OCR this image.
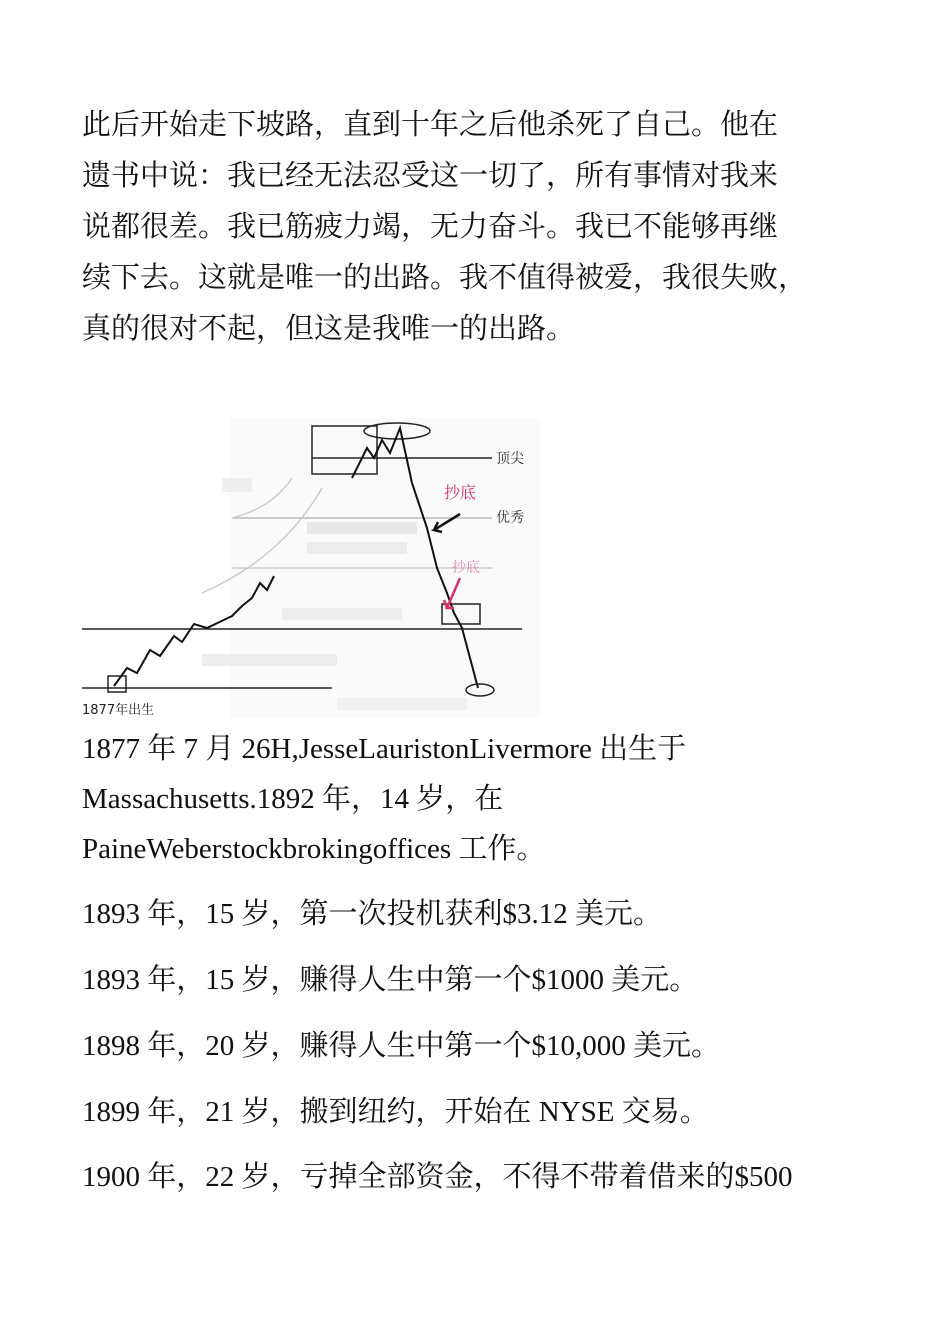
此后开始走下坡路，直到十年之后他杀死了自己。他在
遗书中说：我已经无法忍受这一切了，所有事情对我来
说都很差。我已筋疲力竭，无力奋斗。我已不能够再继
续下去。这就是唯一的出路。我不值得被爱，我很失败，
真的很对不起，但这是我唯一的出路。

顶尖
优秀
抄底
抄底
1877年出生

1877 年 7 月 26H,JesseLauristonLivermore 出生于
Massachusetts.1892 年，14 岁，在
PaineWeberstockbrokingoffices 工作。

1893 年，15 岁，第一次投机获利$3.12 美元。

1893 年，15 岁，赚得人生中第一个$1000 美元。

1898 年，20 岁，赚得人生中第一个$10,000 美元。

1899 年，21 岁，搬到纽约，开始在 NYSE 交易。

1900 年，22 岁，亏掉全部资金，不得不带着借来的$500
